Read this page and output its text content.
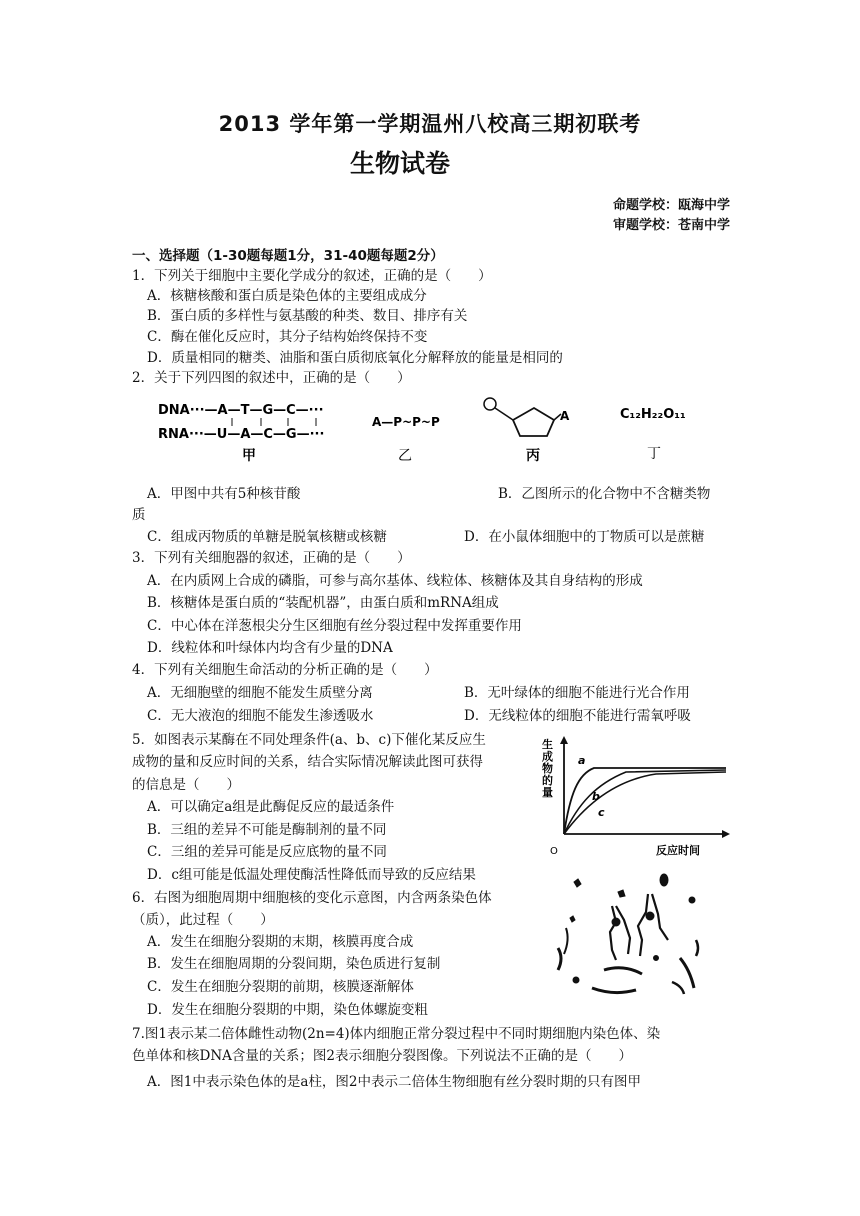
2013 学年第一学期温州八校高三期初联考
生物试卷
命题学校：瓯海中学
审题学校：苍南中学
一、选择题（1-30题每题1分，31-40题每题2分）
1．下列关于细胞中主要化学成分的叙述，正确的是（　　）
A．核糖核酸和蛋白质是染色体的主要组成成分
B．蛋白质的多样性与氨基酸的种类、数目、排序有关
C．酶在催化反应时，其分子结构始终保持不变
D．质量相同的糖类、油脂和蛋白质彻底氧化分解释放的能量是相同的
2．关于下列四图的叙述中，正确的是（　　）
DNA···—A—T—G—C—···
RNA···—U—A—C—G—···
甲
A—P~P~P
乙
A
丙
C₁₂H₂₂O₁₁
丁
A．甲图中共有5种核苷酸	B．乙图所示的化合物中不含糖类物
质
C．组成丙物质的单糖是脱氧核糖或核糖	D．在小鼠体细胞中的丁物质可以是蔗糖
3．下列有关细胞器的叙述，正确的是（　　）
A．在内质网上合成的磷脂，可参与高尔基体、线粒体、核糖体及其自身结构的形成
B．核糖体是蛋白质的“装配机器”，由蛋白质和mRNA组成
C．中心体在洋葱根尖分生区细胞有丝分裂过程中发挥重要作用
D．线粒体和叶绿体内均含有少量的DNA
4．下列有关细胞生命活动的分析正确的是（　　）
A．无细胞壁的细胞不能发生质壁分离	B．无叶绿体的细胞不能进行光合作用
C．无大液泡的细胞不能发生渗透吸水	D．无线粒体的细胞不能进行需氧呼吸
5．如图表示某酶在不同处理条件(a、b、c)下催化某反应生
成物的量和反应时间的关系，结合实际情况解读此图可获得
的信息是（　　）
A．可以确定a组是此酶促反应的最适条件
B．三组的差异不可能是酶制剂的量不同
C．三组的差异可能是反应底物的量不同
D．c组可能是低温处理使酶活性降低而导致的反应结果
生
成
物
的
量
a
b
c
O	反应时间
6．右图为细胞周期中细胞核的变化示意图，内含两条染色体
（质），此过程（　　）
A．发生在细胞分裂期的末期，核膜再度合成
B．发生在细胞周期的分裂间期，染色质进行复制
C．发生在细胞分裂期的前期，核膜逐渐解体
D．发生在细胞分裂期的中期，染色体螺旋变粗
7.图1表示某二倍体雌性动物(2n=4)体内细胞正常分裂过程中不同时期细胞内染色体、染
色单体和核DNA含量的关系；图2表示细胞分裂图像。下列说法不正确的是（　　）
A．图1中表示染色体的是a柱，图2中表示二倍体生物细胞有丝分裂时期的只有图甲
